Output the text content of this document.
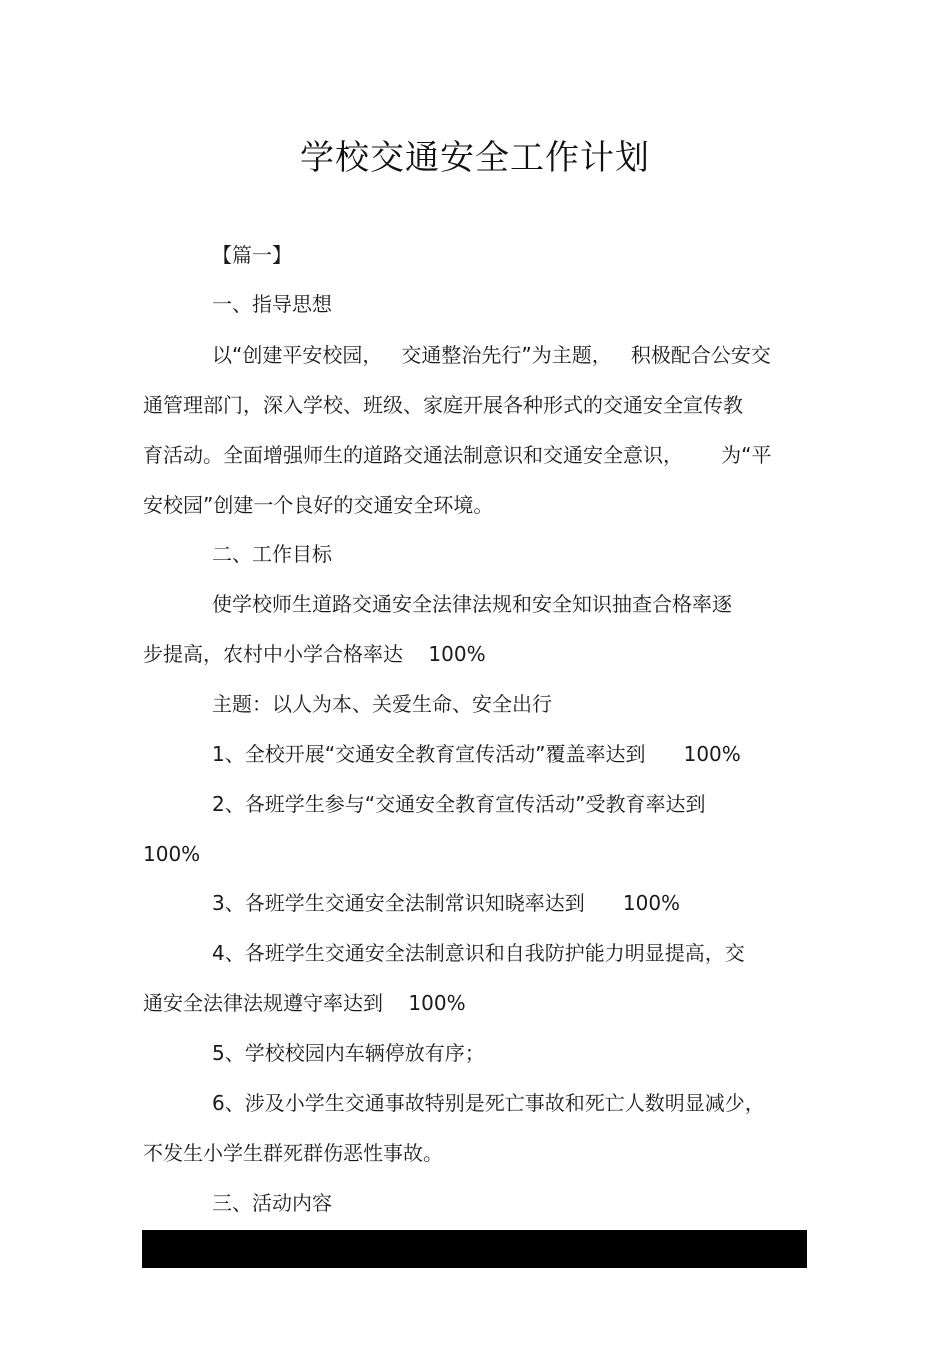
学校交通安全工作计划
【篇一】
一、指导思想
以“创建平安校园，   交通整治先行”为主题，   积极配合公安交
通管理部门，深入学校、班级、家庭开展各种形式的交通安全宣传教
育活动。全面增强师生的道路交通法制意识和交通安全意识，      为“平
安校园”创建一个良好的交通安全环境。
二、工作目标
使学校师生道路交通安全法律法规和安全知识抽查合格率逐
步提高，农村中小学合格率达    100%
主题：以人为本、关爱生命、安全出行
1、全校开展“交通安全教育宣传活动”覆盖率达到      100%
2、各班学生参与“交通安全教育宣传活动”受教育率达到
100%
3、各班学生交通安全法制常识知晓率达到      100%
4、各班学生交通安全法制意识和自我防护能力明显提高，交
通安全法律法规遵守率达到    100%
5、学校校园内车辆停放有序；
6、涉及小学生交通事故特别是死亡事故和死亡人数明显减少，
不发生小学生群死群伤恶性事故。
三、活动内容
